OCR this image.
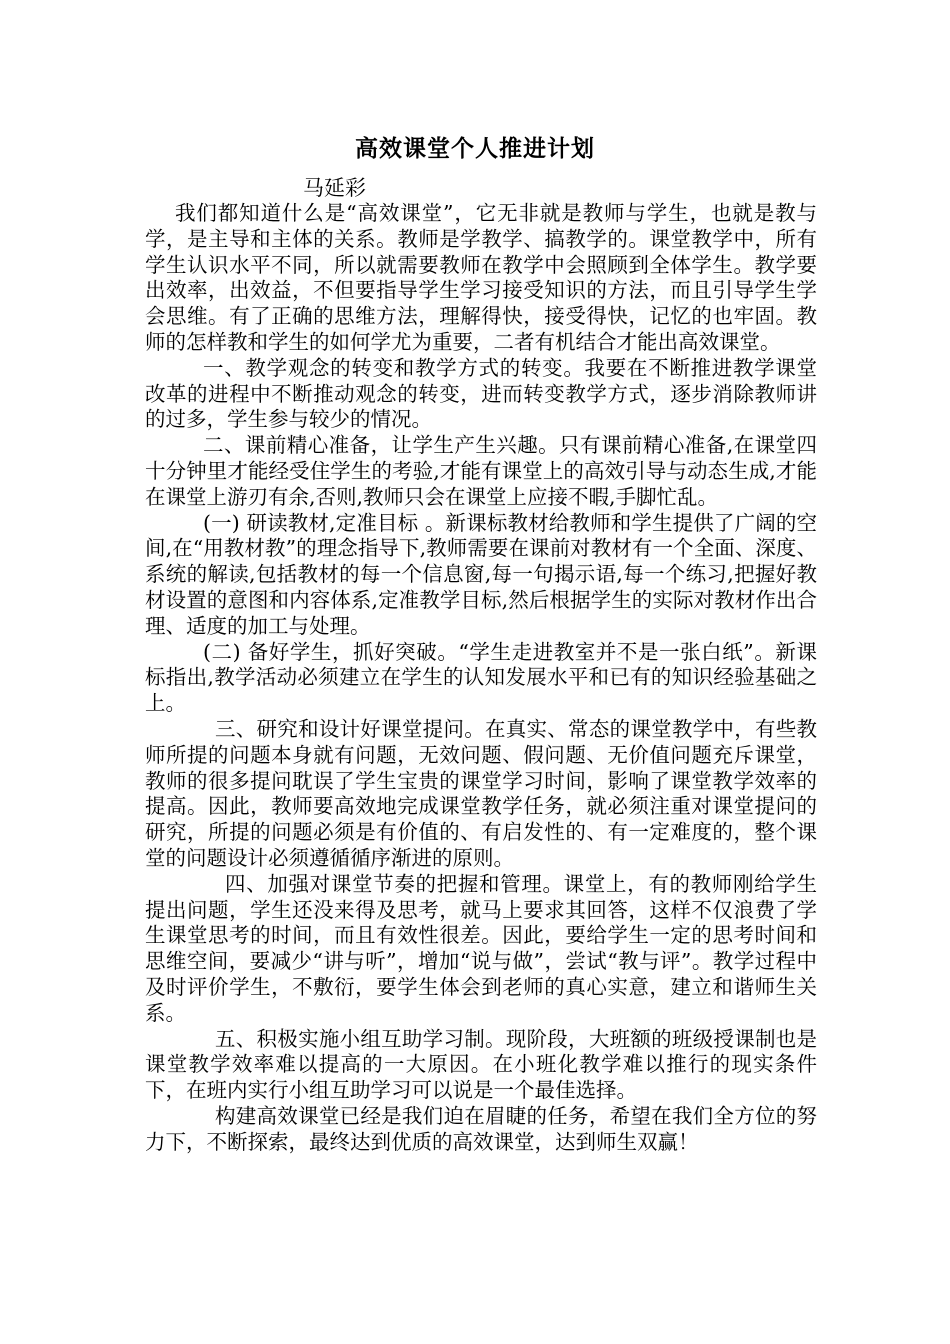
高效课堂个人推进计划
马延彩

我们都知道什么是“高效课堂”，它无非就是教师与学生，也就是教与学，是主导和主体的关系。教师是学教学、搞教学的。课堂教学中，所有学生认识水平不同，所以就需要教师在教学中会照顾到全体学生。教学要出效率，出效益，不但要指导学生学习接受知识的方法，而且引导学生学会思维。有了正确的思维方法，理解得快，接受得快，记忆的也牢固。教师的怎样教和学生的如何学尤为重要，二者有机结合才能出高效课堂。

一、教学观念的转变和教学方式的转变。我要在不断推进教学课堂改革的进程中不断推动观念的转变，进而转变教学方式，逐步消除教师讲的过多，学生参与较少的情况。

二、课前精心准备，让学生产生兴趣。只有课前精心准备,在课堂四十分钟里才能经受住学生的考验,才能有课堂上的高效引导与动态生成,才能在课堂上游刃有余,否则,教师只会在课堂上应接不暇,手脚忙乱。

(一) 研读教材,定准目标 。新课标教材给教师和学生提供了广阔的空间,在“用教材教”的理念指导下,教师需要在课前对教材有一个全面、深度、系统的解读,包括教材的每一个信息窗,每一句揭示语,每一个练习,把握好教材设置的意图和内容体系,定准教学目标,然后根据学生的实际对教材作出合理、适度的加工与处理。

(二) 备好学生，抓好突破。“学生走进教室并不是一张白纸”。新课标指出,教学活动必须建立在学生的认知发展水平和已有的知识经验基础之上。

三、研究和设计好课堂提问。在真实、常态的课堂教学中，有些教师所提的问题本身就有问题，无效问题、假问题、无价值问题充斥课堂，教师的很多提问耽误了学生宝贵的课堂学习时间，影响了课堂教学效率的提高。因此，教师要高效地完成课堂教学任务，就必须注重对课堂提问的研究，所提的问题必须是有价值的、有启发性的、有一定难度的，整个课堂的问题设计必须遵循循序渐进的原则。

四、加强对课堂节奏的把握和管理。课堂上，有的教师刚给学生提出问题，学生还没来得及思考，就马上要求其回答，这样不仅浪费了学生课堂思考的时间，而且有效性很差。因此，要给学生一定的思考时间和思维空间，要减少“讲与听”，增加“说与做”，尝试“教与评”。教学过程中及时评价学生，不敷衍，要学生体会到老师的真心实意，建立和谐师生关系。

五、积极实施小组互助学习制。现阶段，大班额的班级授课制也是课堂教学效率难以提高的一大原因。在小班化教学难以推行的现实条件下，在班内实行小组互助学习可以说是一个最佳选择。

构建高效课堂已经是我们迫在眉睫的任务，希望在我们全方位的努力下，不断探索，最终达到优质的高效课堂，达到师生双赢！
